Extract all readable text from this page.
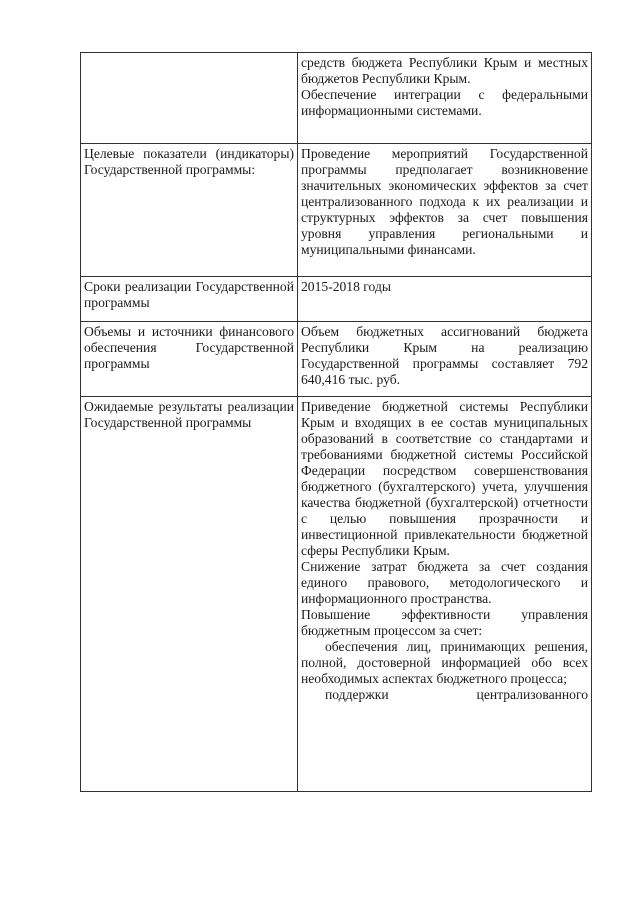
	средств бюджета Республики Крым и местных бюджетов Республики Крым.

Обеспечение интеграции с федеральными информационными системами.

Целевые показатели (индикаторы) Государственной программы:	Проведение мероприятий Государственной программы предполагает возникновение значительных экономических эффектов за счет централизованного подхода к их реализации и структурных эффектов за счет повышения уровня управления региональными и муниципальными финансами.

Сроки реализации Государственной программы	2015-2018 годы

Объемы и источники финансового обеспечения Государственной программы	Объем бюджетных ассигнований бюджета Республики Крым на реализацию Государственной программы составляет 792 640,416 тыс. руб.

Ожидаемые результаты реализации Государственной программы	Приведение бюджетной системы Республики Крым и входящих в ее состав муниципальных образований в соответствие со стандартами и требованиями бюджетной системы Российской Федерации посредством совершенствования бюджетного (бухгалтерского) учета, улучшения качества бюджетной (бухгалтерской) отчетности с целью повышения прозрачности и инвестиционной привлекательности бюджетной сферы Республики Крым.

Снижение затрат бюджета за счет создания единого правового, методологического и информационного пространства.

Повышение эффективности управления бюджетным процессом за счет:

обеспечения лиц, принимающих решения, полной, достоверной информацией обо всех необходимых аспектах бюджетного процесса;

поддержки централизованного
